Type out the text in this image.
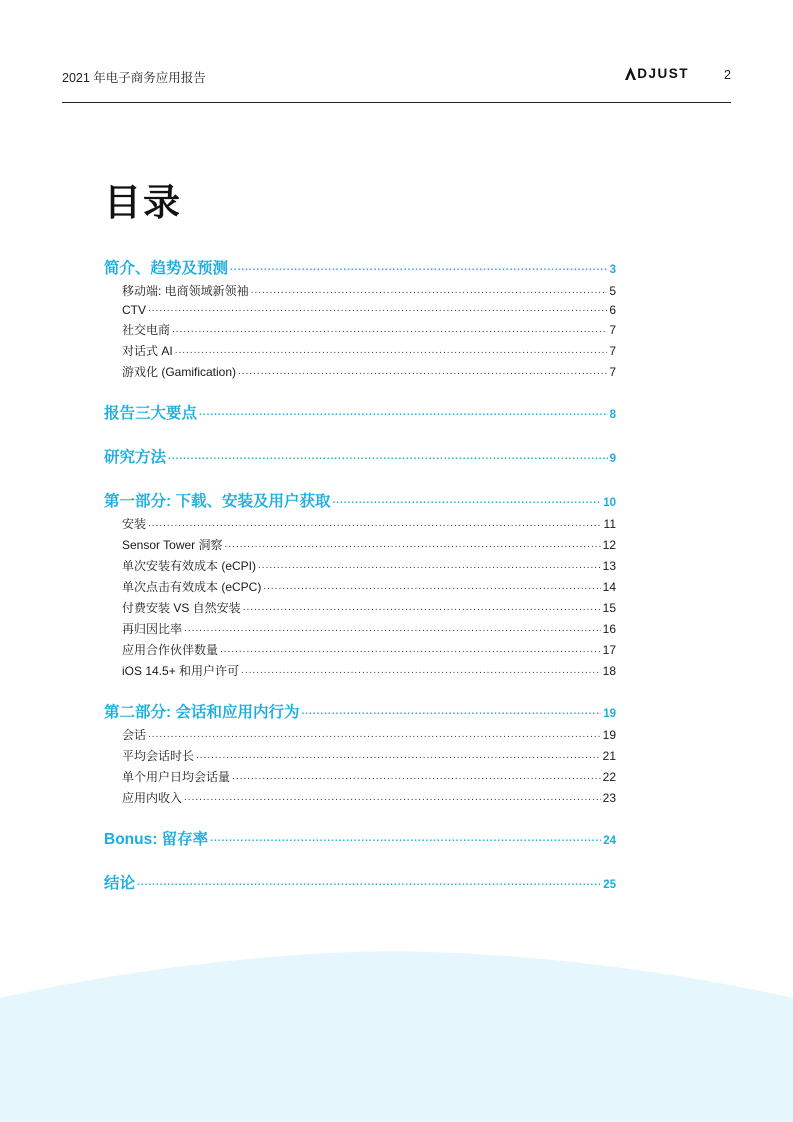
2021 年电子商务应用报告	DJUST	2
目录
简介、趋势及预测 .....	3
移动端: 电商领域新领袖 .....	5
CTV .....	6
社交电商 .....	7
对话式 AI .....	7
游戏化 (Gamification) .....	7
报告三大要点 .....	8
研究方法 .....	9
第一部分: 下载、安装及用户获取 .....	10
安装 .....	11
Sensor Tower 洞察 .....	12
单次安装有效成本 (eCPI) .....	13
单次点击有效成本 (eCPC) .....	14
付费安装 VS 自然安装 .....	15
再归因比率 .....	16
应用合作伙伴数量 .....	17
iOS 14.5+ 和用户许可 .....	18
第二部分: 会话和应用内行为 .....	19
会话 .....	19
平均会话时长 .....	21
单个用户日均会话量 .....	22
应用内收入 .....	23
Bonus: 留存率 .....	24
结论 .....	25
